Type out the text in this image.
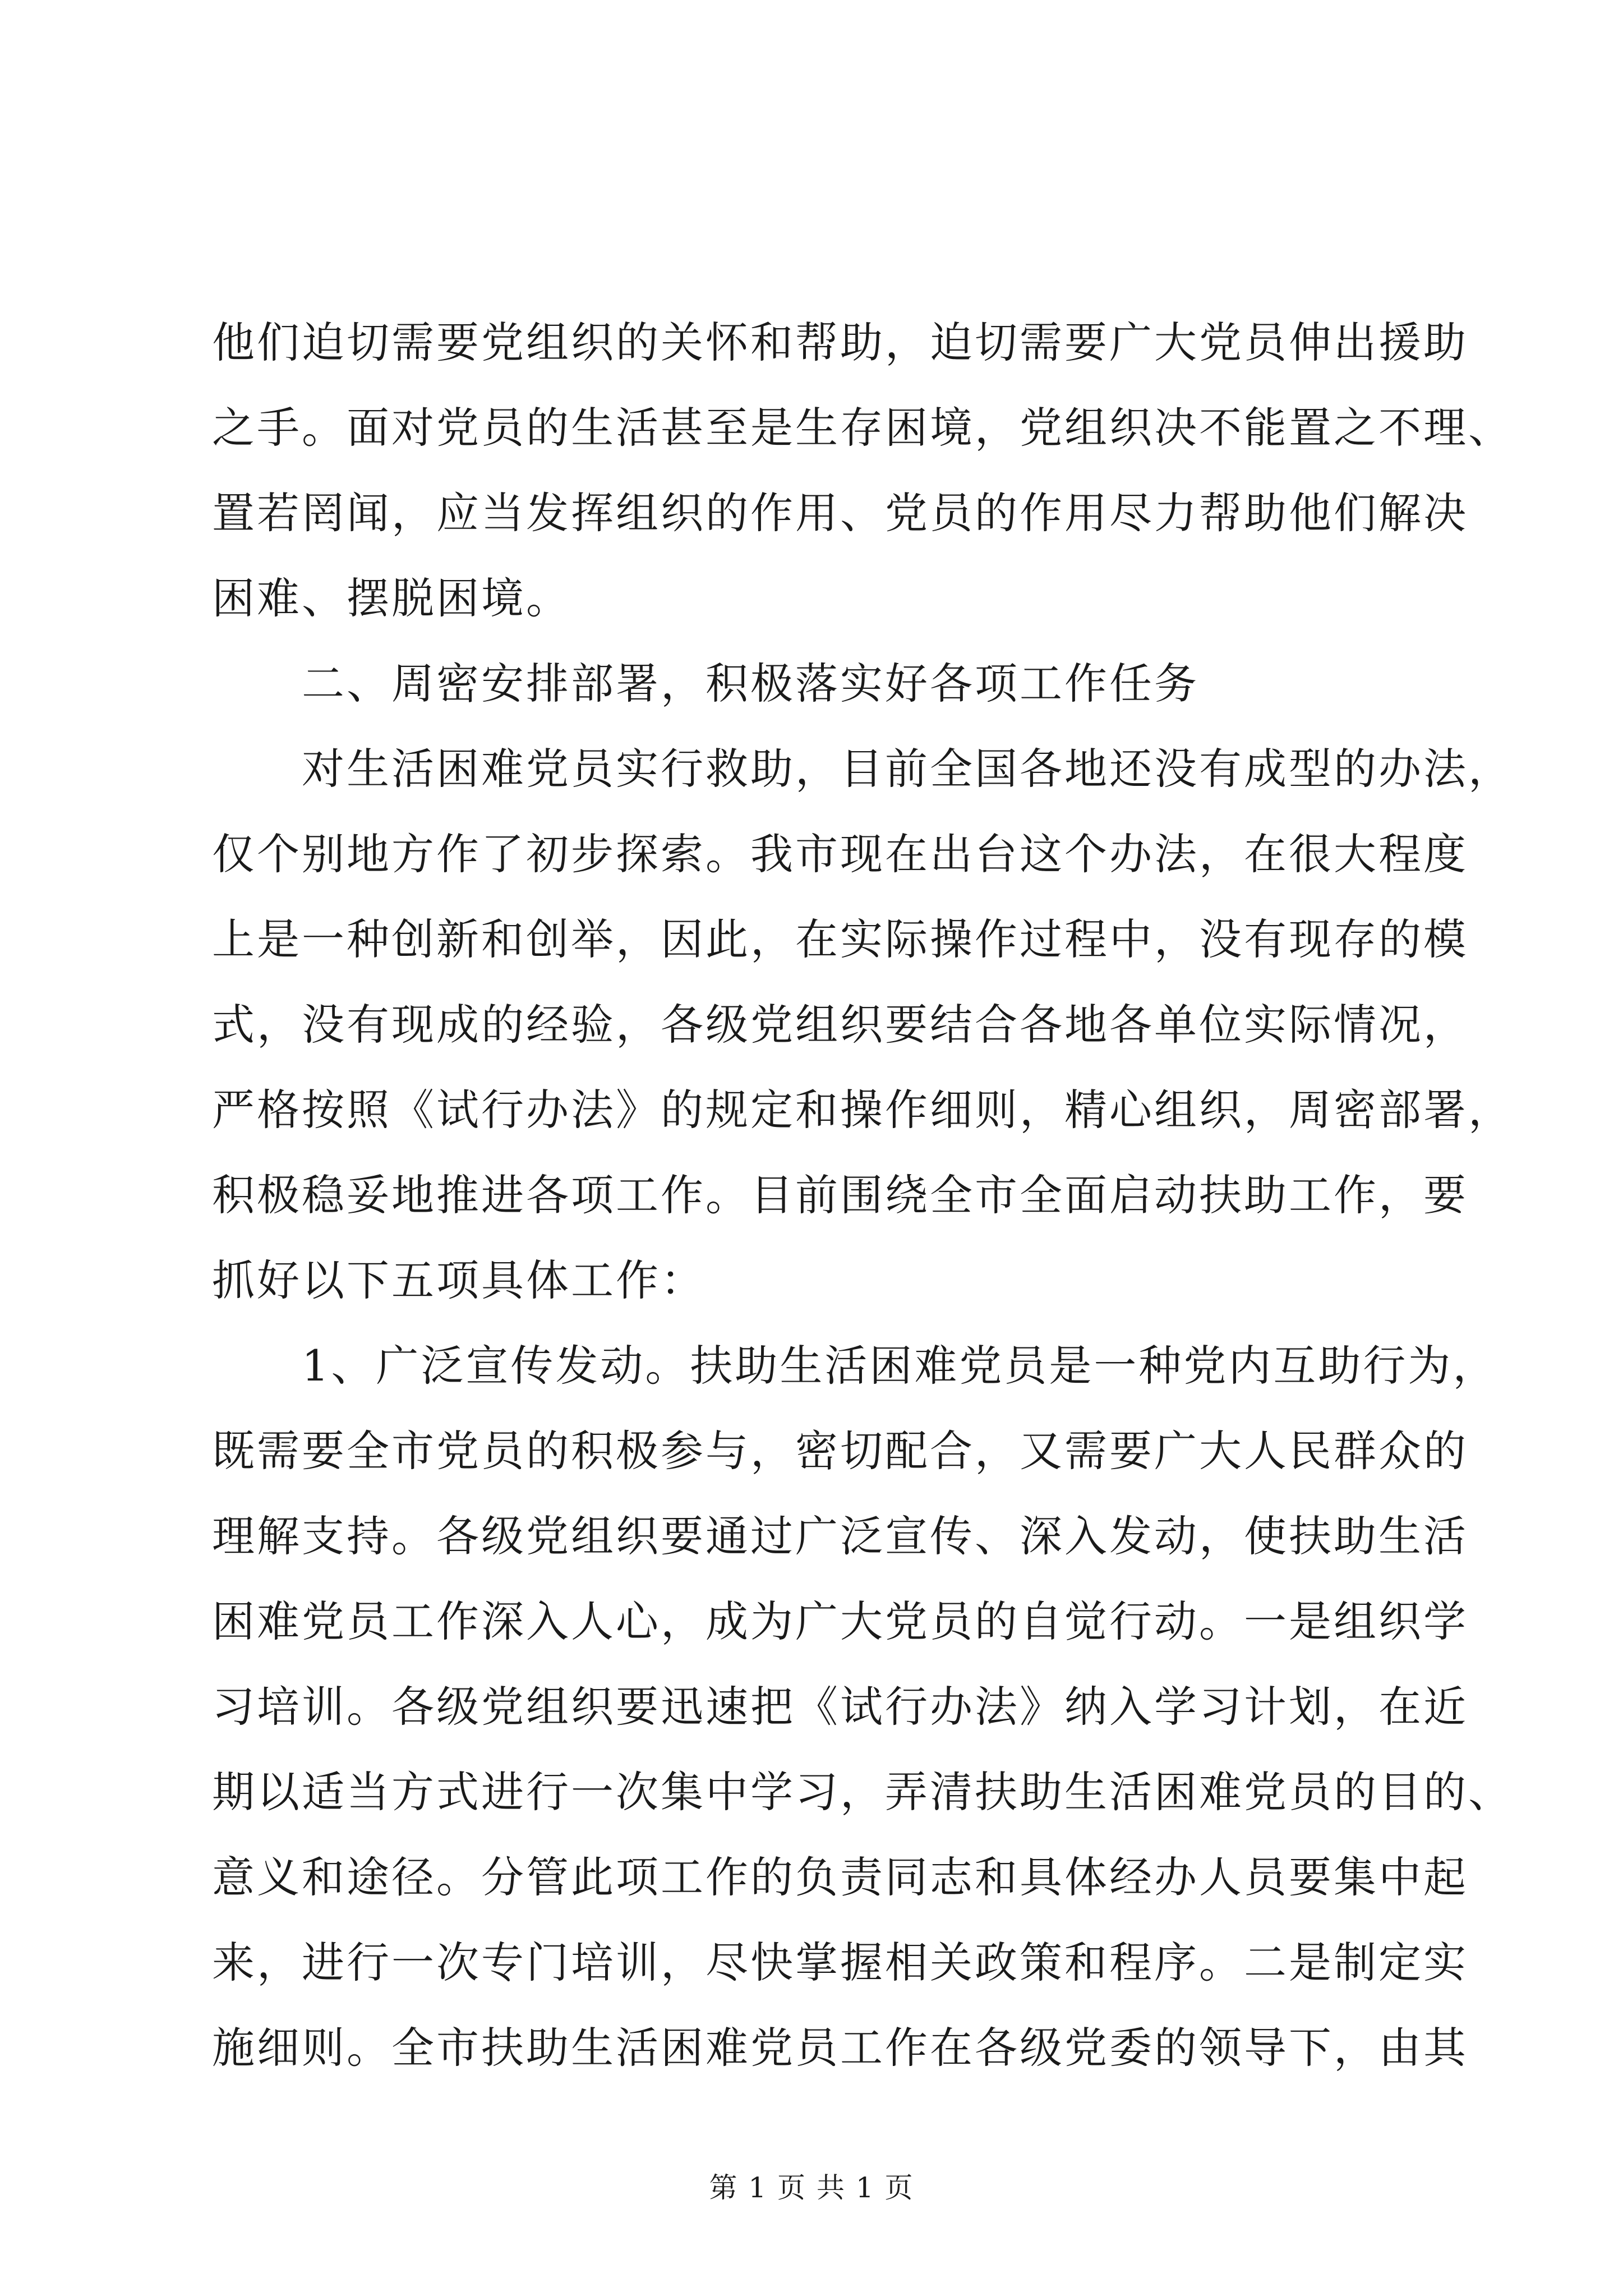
他们迫切需要党组织的关怀和帮助，迫切需要广大党员伸出援助
之手。面对党员的生活甚至是生存困境，党组织决不能置之不理、
置若罔闻，应当发挥组织的作用、党员的作用尽力帮助他们解决
困难、摆脱困境。
二、周密安排部署，积极落实好各项工作任务
对生活困难党员实行救助，目前全国各地还没有成型的办法，
仅个别地方作了初步探索。我市现在出台这个办法，在很大程度
上是一种创新和创举，因此，在实际操作过程中，没有现存的模
式，没有现成的经验，各级党组织要结合各地各单位实际情况，
严格按照《试行办法》的规定和操作细则，精心组织，周密部署，
积极稳妥地推进各项工作。目前围绕全市全面启动扶助工作，要
抓好以下五项具体工作：
1、广泛宣传发动。扶助生活困难党员是一种党内互助行为，
既需要全市党员的积极参与，密切配合，又需要广大人民群众的
理解支持。各级党组织要通过广泛宣传、深入发动，使扶助生活
困难党员工作深入人心，成为广大党员的自觉行动。一是组织学
习培训。各级党组织要迅速把《试行办法》纳入学习计划，在近
期以适当方式进行一次集中学习，弄清扶助生活困难党员的目的、
意义和途径。分管此项工作的负责同志和具体经办人员要集中起
来，进行一次专门培训，尽快掌握相关政策和程序。二是制定实
施细则。全市扶助生活困难党员工作在各级党委的领导下，由其
第 1 页 共 1 页
